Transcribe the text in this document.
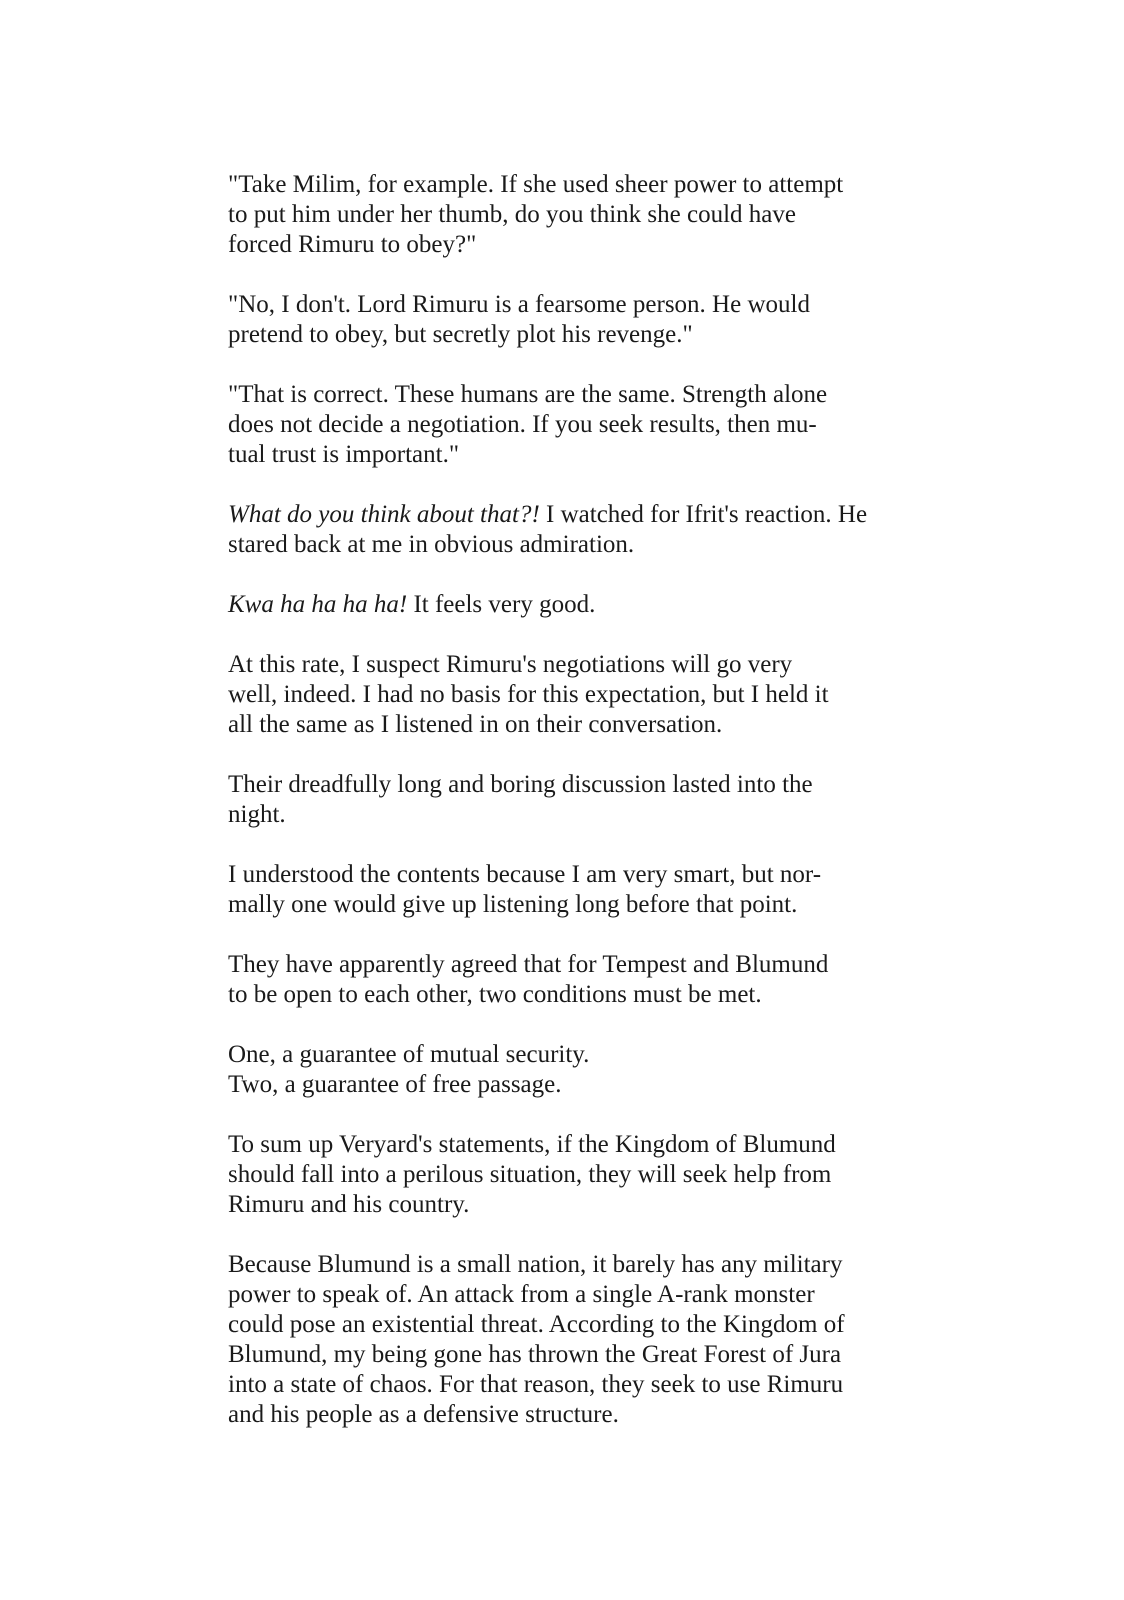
"Take Milim, for example. If she used sheer power to attempt
to put him under her thumb, do you think she could have
forced Rimuru to obey?"

"No, I don't. Lord Rimuru is a fearsome person. He would
pretend to obey, but secretly plot his revenge."

"That is correct. These humans are the same. Strength alone
does not decide a negotiation. If you seek results, then mu-
tual trust is important."

What do you think about that?! I watched for Ifrit's reaction. He
stared back at me in obvious admiration.

Kwa ha ha ha ha! It feels very good.

At this rate, I suspect Rimuru's negotiations will go very
well, indeed. I had no basis for this expectation, but I held it
all the same as I listened in on their conversation.

Their dreadfully long and boring discussion lasted into the
night.

I understood the contents because I am very smart, but nor-
mally one would give up listening long before that point.

They have apparently agreed that for Tempest and Blumund
to be open to each other, two conditions must be met.

One, a guarantee of mutual security.
Two, a guarantee of free passage.

To sum up Veryard's statements, if the Kingdom of Blumund
should fall into a perilous situation, they will seek help from
Rimuru and his country.

Because Blumund is a small nation, it barely has any military
power to speak of. An attack from a single A-rank monster
could pose an existential threat. According to the Kingdom of
Blumund, my being gone has thrown the Great Forest of Jura
into a state of chaos. For that reason, they seek to use Rimuru
and his people as a defensive structure.
